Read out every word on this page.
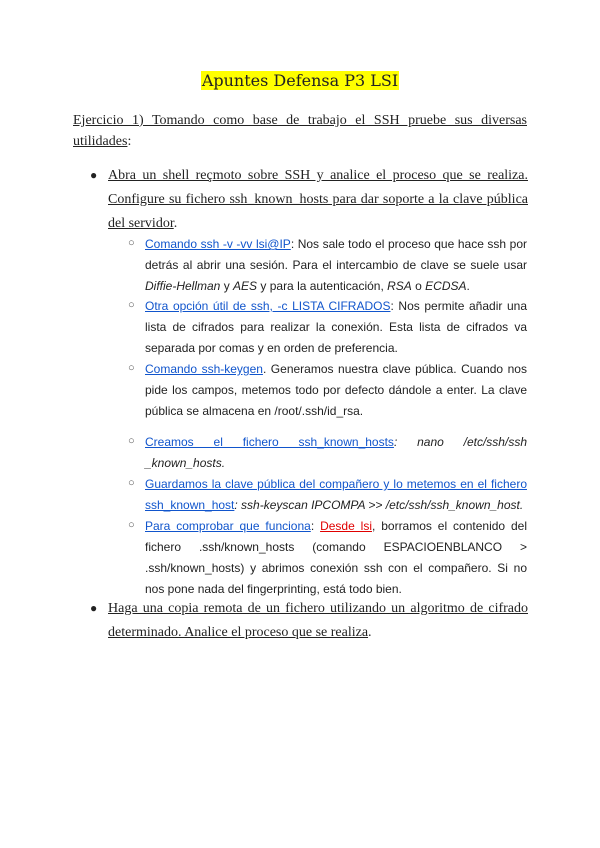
Apuntes Defensa P3 LSI
Ejercicio 1) Tomando como base de trabajo el SSH pruebe sus diversas utilidades:
● Abra un shell reçmoto sobre SSH y analice el proceso que se realiza. Configure su fichero ssh_known_hosts para dar soporte a la clave pública del servidor.
○ Comando ssh -v -vv lsi@IP: Nos sale todo el proceso que hace ssh por detrás al abrir una sesión. Para el intercambio de clave se suele usar Diffie-Hellman y AES y para la autenticación, RSA o ECDSA.
○ Otra opción útil de ssh, -c LISTA CIFRADOS: Nos permite añadir una lista de cifrados para realizar la conexión. Esta lista de cifrados va separada por comas y en orden de preferencia.
○ Comando ssh-keygen. Generamos nuestra clave pública. Cuando nos pide los campos, metemos todo por defecto dándole a enter. La clave pública se almacena en /root/.ssh/id_rsa.
○ Creamos el fichero ssh_known_hosts: nano /etc/ssh/ssh _known_hosts.
○ Guardamos la clave pública del compañero y lo metemos en el fichero ssh_known_host: ssh-keyscan IPCOMPA >> /etc/ssh/ssh_known_host.
○ Para comprobar que funciona: Desde lsi, borramos el contenido del fichero .ssh/known_hosts (comando ESPACIOENBLANCO > .ssh/known_hosts) y abrimos conexión ssh con el compañero. Si no nos pone nada del fingerprinting, está todo bien.
● Haga una copia remota de un fichero utilizando un algoritmo de cifrado determinado. Analice el proceso que se realiza.
